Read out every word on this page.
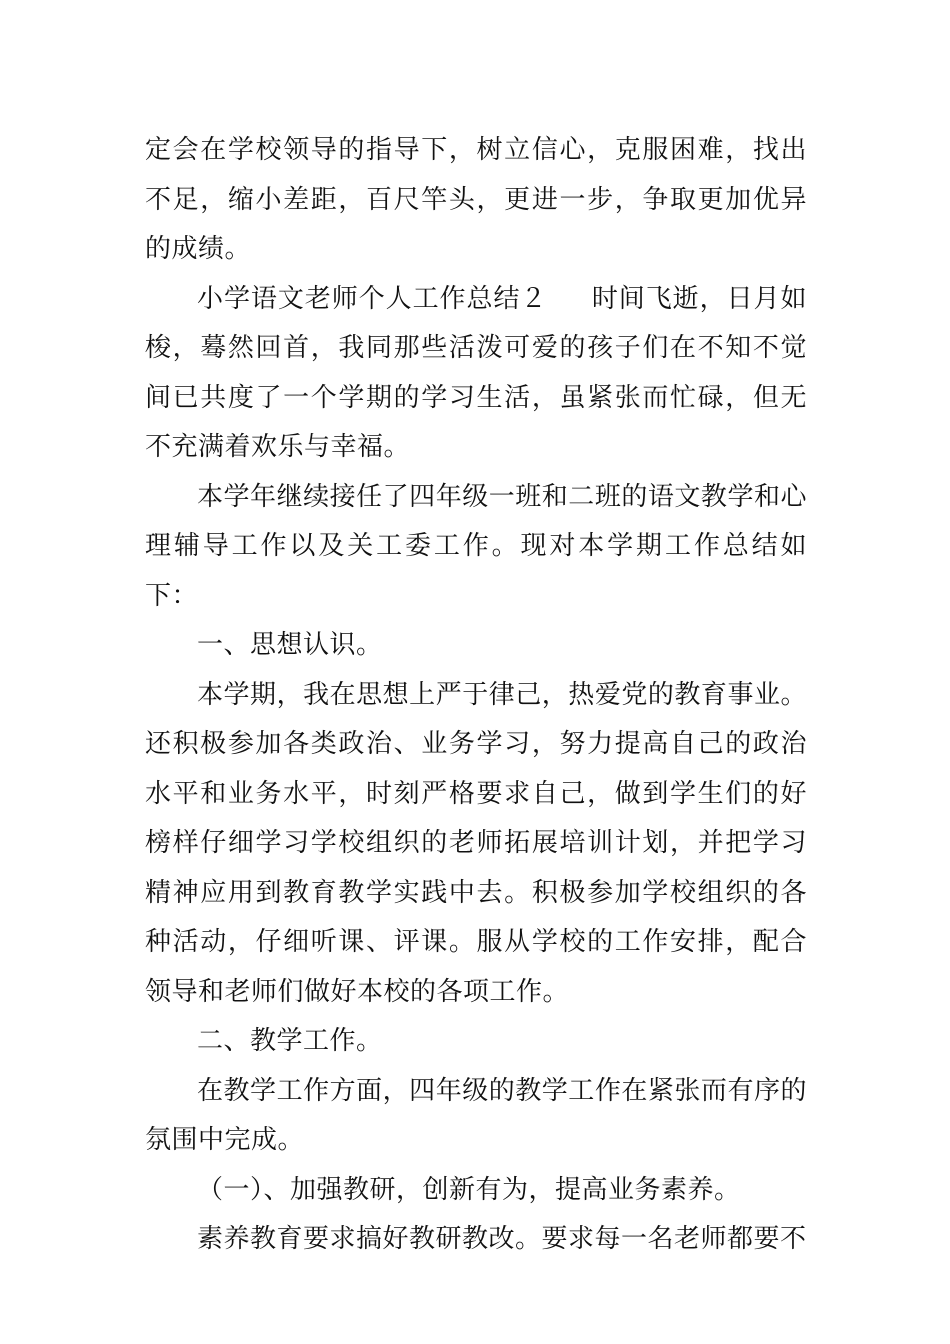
定会在学校领导的指导下，树立信心，克服困难，找出不足，缩小差距，百尺竿头，更进一步，争取更加优异的成绩。

小学语文老师个人工作总结２ 时间飞逝，日月如梭，蓦然回首，我同那些活泼可爱的孩子们在不知不觉间已共度了一个学期的学习生活，虽紧张而忙碌，但无不充满着欢乐与幸福。

本学年继续接任了四年级一班和二班的语文教学和心理辅导工作以及关工委工作。现对本学期工作总结如下：

一、思想认识。

本学期，我在思想上严于律己，热爱党的教育事业。还积极参加各类政治、业务学习，努力提高自己的政治水平和业务水平，时刻严格要求自己，做到学生们的好榜样仔细学习学校组织的老师拓展培训计划，并把学习精神应用到教育教学实践中去。积极参加学校组织的各种活动，仔细听课、评课。服从学校的工作安排，配合领导和老师们做好本校的各项工作。

二、教学工作。

在教学工作方面，四年级的教学工作在紧张而有序的氛围中完成。

（一）、加强教研，创新有为，提高业务素养。

素养教育要求搞好教研教改。要求每一名老师都要不
